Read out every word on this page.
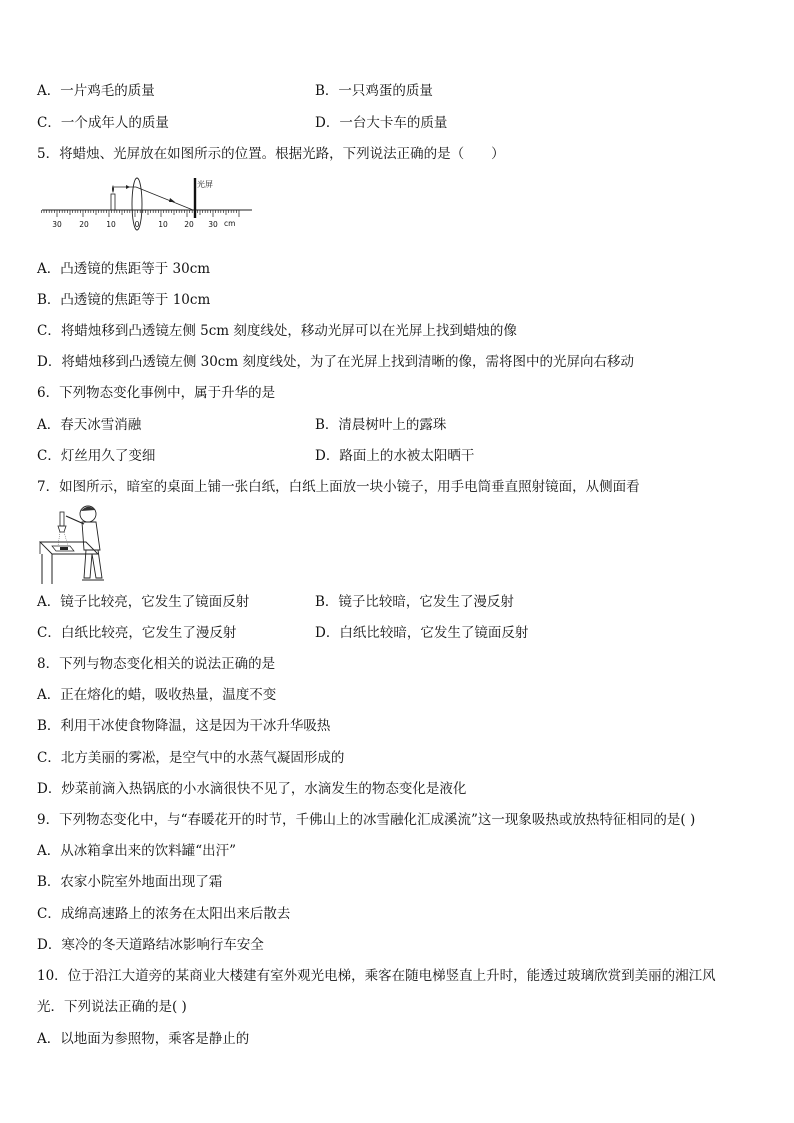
A．一片鸡毛的质量	B．一只鸡蛋的质量
C．一个成年人的质量	D．一台大卡车的质量
5．将蜡烛、光屏放在如图所示的位置。根据光路，下列说法正确的是（　　）
光屏
30 20 10	0	10 20 30 cm
A．凸透镜的焦距等于 30cm
B．凸透镜的焦距等于 10cm
C．将蜡烛移到凸透镜左侧 5cm 刻度线处，移动光屏可以在光屏上找到蜡烛的像
D．将蜡烛移到凸透镜左侧 30cm 刻度线处，为了在光屏上找到清晰的像，需将图中的光屏向右移动
6．下列物态变化事例中，属于升华的是
A．春天冰雪消融	B．清晨树叶上的露珠
C．灯丝用久了变细	D．路面上的水被太阳晒干
7．如图所示，暗室的桌面上铺一张白纸，白纸上面放一块小镜子，用手电筒垂直照射镜面，从侧面看
A．镜子比较亮，它发生了镜面反射	B．镜子比较暗，它发生了漫反射
C．白纸比较亮，它发生了漫反射	D．白纸比较暗，它发生了镜面反射
8．下列与物态变化相关的说法正确的是
A．正在熔化的蜡，吸收热量，温度不变
B．利用干冰使食物降温，这是因为干冰升华吸热
C．北方美丽的雾凇，是空气中的水蒸气凝固形成的
D．炒菜前滴入热锅底的小水滴很快不见了，水滴发生的物态变化是液化
9．下列物态变化中，与“春暖花开的时节，千佛山上的冰雪融化汇成溪流”这一现象吸热或放热特征相同的是( )
A．从冰箱拿出来的饮料罐“出汗”
B．农家小院室外地面出现了霜
C．成绵高速路上的浓务在太阳出来后散去
D．寒冷的冬天道路结冰影响行车安全
10．位于沿江大道旁的某商业大楼建有室外观光电梯，乘客在随电梯竖直上升时，能透过玻璃欣赏到美丽的湘江风
光．下列说法正确的是( )
A．以地面为参照物，乘客是静止的
